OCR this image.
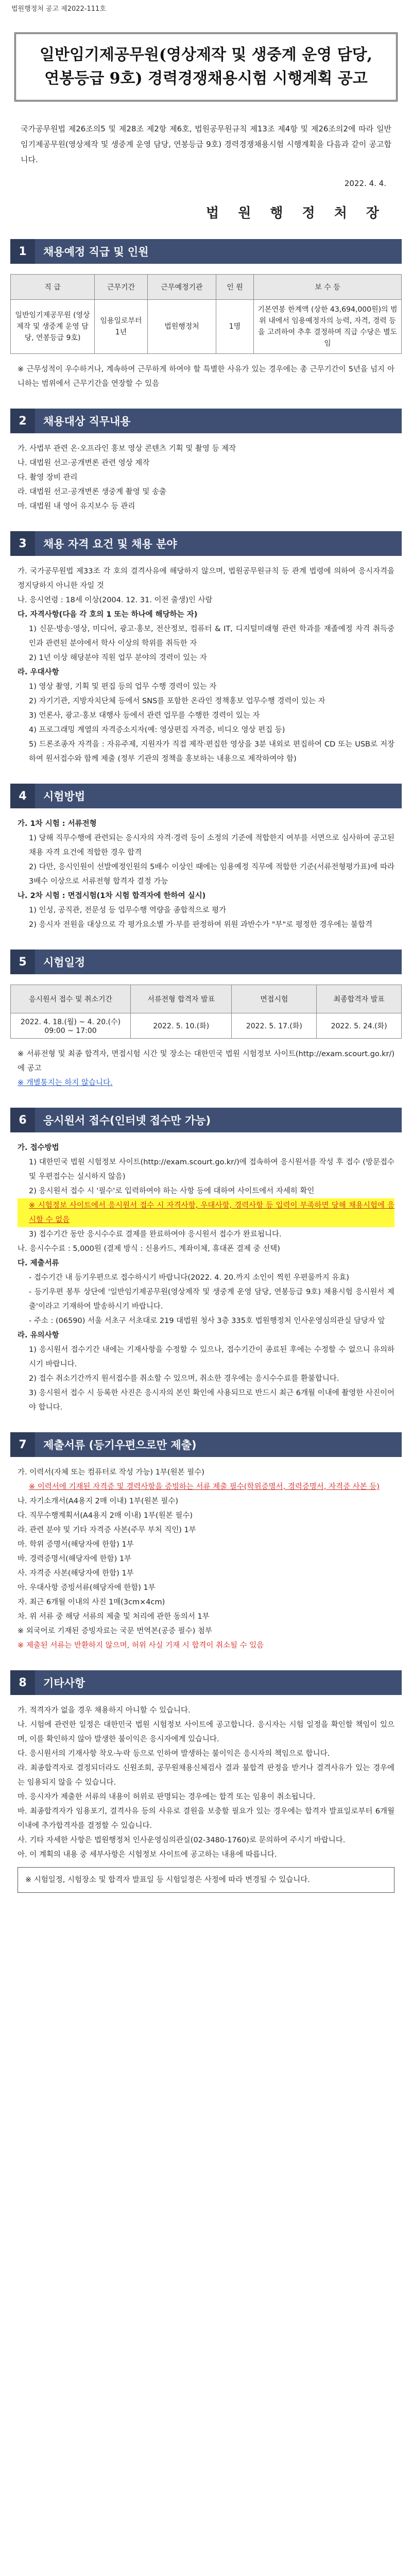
법원행정처 공고 제2022-111호
일반임기제공무원(영상제작 및 생중계 운영 담당,
연봉등급 9호) 경력경쟁채용시험 시행계획 공고
국가공무원법 제26조의5 및 제28조 제2항 제6호, 법원공무원규칙 제13조 제4항 및 제26조의2에 따라 일반임기제공무원(영상제작 및 생중계 운영 담당, 연봉등급 9호) 경력경쟁채용시험 시행계획을 다음과 같이 공고합니다.
2022. 4. 4.
법 원 행 정 처 장
1	채용예정 직급 및 인원
직 급	근무기간	근무예정기관	인 원	보 수 등
일반임기제공무원 (영상제작 및 생중계 운영 담당, 연봉등급 9호)	임용일로부터 1년	법원행정처	1명	기본연봉 한계액 (상한 43,694,000원)의 범위 내에서 임용예정자의 능력, 자격, 경력 등을 고려하여 추후 결정하며 직급 수당은 별도임

※ 근무성적이 우수하거나, 계속하여 근무하게 하여야 할 특별한 사유가 있는 경우에는 총 근무기간이 5년을 넘지 아니하는 범위에서 근무기간을 연장할 수 있음

2	채용대상 직무내용

가. 사법부 관련 온·오프라인 홍보 영상 콘텐츠 기획 및 촬영 등 제작

나. 대법원 선고·공개변론 관련 영상 제작

다. 촬영 장비 관리

라. 대법원 선고·공개변론 생중계 촬영 및 송출

마. 대법원 내 영어 유지보수 등 관리

3	채용 자격 요건 및 채용 분야

가. 국가공무원법 제33조 각 호의 결격사유에 해당하지 않으며, 법원공무원규칙 등 관계 법령에 의하여 응시자격을 정지당하지 아니한 자일 것

나. 응시연령 : 18세 이상(2004. 12. 31. 이전 출생)인 사람

다. 자격사항(다음 각 호의 1 또는 하나에 해당하는 자)

1) 신문·방송·영상, 미디어, 광고·홍보, 전산정보, 컴퓨터 & IT, 디지털미래형 관련 학과를 재졸예정 자격 취득중인과 관련된 분야에서 학사 이상의 학위를 취득한 자

2) 1년 이상 해당분야 직원 업무 분야의 경력이 있는 자

라. 우대사항

1) 영상 촬영, 기획 및 편집 등의 업무 수행 경력이 있는 자

2) 자기기관, 지방자치단체 등에서 SNS를 포함한 온라인 정책홍보 업무수행 경력이 있는 자

3) 언론사, 광고·홍보 대행사 등에서 관련 업무를 수행한 경력이 있는 자

4) 프로그래밍 계열의 자격증소지자(예: 영상편집 자격증, 비디오 영상 편집 등)

5) 드론조종자 자격을 : 자유주제, 지원자가 직접 제작·편집한 영상을 3분 내외로 편집하여 CD 또는 USB로 저장하여 원서접수와 함께 제출 (정부 기관의 정책을 홍보하는 내용으로 제작하여야 함)

4	시험방법

가. 1차 시험 : 서류전형

1) 당해 직무수행에 관련되는 응시자의 자격·경력 등이 소정의 기준에 적합한지 여부를 서면으로 심사하여 공고된 채용 자격 요건에 적합한 경우 합격

2) 다만, 응시인원이 선발예정인원의 5배수 이상인 때에는 임용예정 직무에 적합한 기준(서류전형평가표)에 따라 3배수 이상으로 서류전형 합격자 결정 가능

나. 2차 시험 : 면접시험(1차 시험 합격자에 한하여 실시)

1) 인성, 공직관, 전문성 등 업무수행 역량을 종합적으로 평가

2) 응시자 전원을 대상으로 각 평가요소별 가·부를 판정하여 위원 과반수가 "부"로 평정한 경우에는 불합격

5	시험일정
응시원서 접수 및 취소기간	서류전형 합격자 발표	면접시험	최종합격자 발표
2022. 4. 18.(월) ~ 4. 20.(수) 09:00 ~ 17:00	2022. 5. 10.(화)	2022. 5. 17.(화)	2022. 5. 24.(화)

※ 서류전형 및 최종 합격자, 면접시험 시간 및 장소는 대한민국 법원 시험정보 사이트(http://exam.scourt.go.kr/)에 공고

※ 개별통지는 하지 않습니다.

6	응시원서 접수(인터넷 접수만 가능)

가. 접수방법

1) 대한민국 법원 시험정보 사이트(http://exam.scourt.go.kr/)에 접속하여 응시원서를 작성 후 접수 (방문접수 및 우편접수는 실시하지 않음)

2) 응시원서 접수 시 '필수'로 입력하여야 하는 사항 등에 대하여 사이트에서 자세히 확인

※ 시험정보 사이트에서 응시원서 접수 시 자격사항, 우대사항, 경력사항 등 입력이 부족하면 당해 채용시험에 응시할 수 없음

3) 접수기간 동안 응시수수료 결제를 완료하여야 응시원서 접수가 완료됩니다.

나. 응시수수료 : 5,000원 (결제 방식 : 신용카드, 계좌이체, 휴대폰 결제 중 선택)

다. 제출서류

- 접수기간 내 등기우편으로 접수하시기 바랍니다(2022. 4. 20.까지 소인이 찍힌 우편물까지 유효)

- 등기우편 봉투 상단에 '일반임기제공무원(영상제작 및 생중계 운영 담당, 연봉등급 9호) 채용시험 응시원서 제출'이라고 기재하여 발송하시기 바랍니다.

- 주소 : (06590) 서울 서초구 서초대로 219 대법원 청사 3층 335호 법원행정처 인사운영심의관실 담당자 앞

라. 유의사항

1) 응시원서 접수기간 내에는 기재사항을 수정할 수 있으나, 접수기간이 종료된 후에는 수정할 수 없으니 유의하시기 바랍니다.

2) 접수 취소기간까지 원서접수를 취소할 수 있으며, 취소한 경우에는 응시수수료를 환불합니다.

3) 응시원서 접수 시 등록한 사진은 응시자의 본인 확인에 사용되므로 반드시 최근 6개월 이내에 촬영한 사진이어야 합니다.

7	제출서류 (등기우편으로만 제출)

가. 이력서(자체 또는 컴퓨터로 작성 가능) 1부(원본 필수)

※ 이력서에 기재된 자격증 및 경력사항을 증빙하는 서류 제출 필수(학위증명서, 경력증명서, 자격증 사본 등)

나. 자기소개서(A4용지 2매 이내) 1부(원본 필수)

다. 직무수행계획서(A4용지 2매 이내) 1부(원본 필수)

라. 관련 분야 및 기타 자격증 사본(주무 부처 직인) 1부

마. 학위 증명서(해당자에 한함) 1부

바. 경력증명서(해당자에 한함) 1부

사. 자격증 사본(해당자에 한함) 1부

아. 우대사항 증빙서류(해당자에 한함) 1부

자. 최근 6개월 이내의 사진 1매(3cm×4cm)

차. 위 서류 중 해당 서류의 제출 및 처리에 관한 동의서 1부

※ 외국어로 기재된 증빙자료는 국문 번역본(공증 필수) 첨부

※ 제출된 서류는 반환하지 않으며, 허위 사실 기재 시 합격이 취소될 수 있음

8	기타사항

가. 적격자가 없을 경우 채용하지 아니할 수 있습니다.

나. 시험에 관련한 일정은 대한민국 법원 시험정보 사이트에 공고합니다. 응시자는 시험 일정을 확인할 책임이 있으며, 이를 확인하지 않아 발생한 불이익은 응시자에게 있습니다.

다. 응시원서의 기재사항 착오·누락 등으로 인하여 발생하는 불이익은 응시자의 책임으로 합니다.

라. 최종합격자로 결정되더라도 신원조회, 공무원채용신체검사 결과 불합격 판정을 받거나 결격사유가 있는 경우에는 임용되지 않을 수 있습니다.

마. 응시자가 제출한 서류의 내용이 허위로 판명되는 경우에는 합격 또는 임용이 취소됩니다.

바. 최종합격자가 임용포기, 결격사유 등의 사유로 결원을 보충할 필요가 있는 경우에는 합격자 발표일로부터 6개월 이내에 추가합격자를 결정할 수 있습니다.

사. 기타 자세한 사항은 법원행정처 인사운영심의관실(02-3480-1760)로 문의하여 주시기 바랍니다.

아. 이 계획의 내용 중 세부사항은 시험정보 사이트에 공고하는 내용에 따릅니다.

※ 시험일정, 시험장소 및 합격자 발표일 등 시험일정은 사정에 따라 변경될 수 있습니다.
